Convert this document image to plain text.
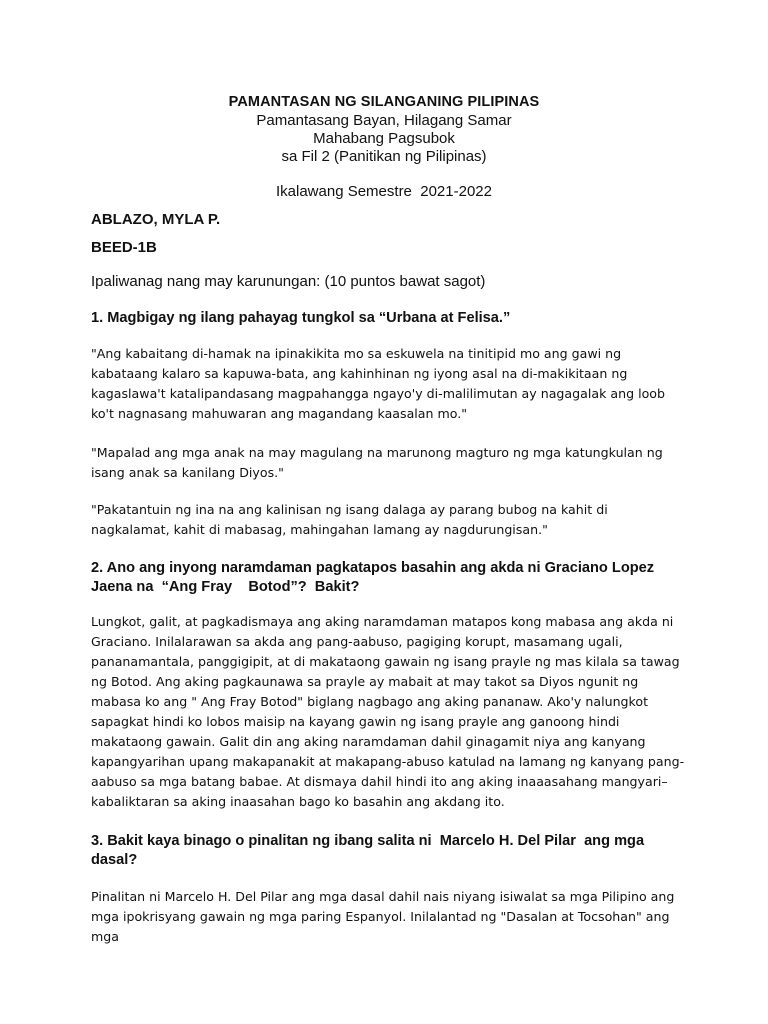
PAMANTASAN NG SILANGANING PILIPINAS
Pamantasang Bayan, Hilagang Samar
Mahabang Pagsubok
sa Fil 2 (Panitikan ng Pilipinas)
Ikalawang Semestre  2021-2022
ABLAZO, MYLA P.
BEED-1B
Ipaliwanag nang may karunungan: (10 puntos bawat sagot)
1. Magbigay ng ilang pahayag tungkol sa “Urbana at Felisa.”
"Ang kabaitang di-hamak na ipinakikita mo sa eskuwela na tinitipid mo ang gawi ng kabataang kalaro sa kapuwa-bata, ang kahinhinan ng iyong asal na di-makikitaan ng kagaslawa't katalipandasang magpahangga ngayo'y di-malilimutan ay nagagalak ang loob ko't nagnasang mahuwaran ang magandang kaasalan mo."
"Mapalad ang mga anak na may magulang na marunong magturo ng mga katungkulan ng isang anak sa kanilang Diyos."
"Pakatantuin ng ina na ang kalinisan ng isang dalaga ay parang bubog na kahit di nagkalamat, kahit di mabasag, mahingahan lamang ay nagdurungisan."
2. Ano ang inyong naramdaman pagkatapos basahin ang akda ni Graciano Lopez Jaena na  “Ang Fray    Botod”?  Bakit?
Lungkot, galit, at pagkadismaya ang aking naramdaman matapos kong mabasa ang akda ni Graciano. Inilalarawan sa akda ang pang-aabuso, pagiging korupt, masamang ugali, pananamantala, panggigipit, at di makataong gawain ng isang prayle ng mas kilala sa tawag ng Botod. Ang aking pagkaunawa sa prayle ay mabait at may takot sa Diyos ngunit ng mabasa ko ang " Ang Fray Botod" biglang nagbago ang aking pananaw. Ako'y nalungkot sapagkat hindi ko lobos maisip na kayang gawin ng isang prayle ang ganoong hindi makataong gawain. Galit din ang aking naramdaman dahil ginagamit niya ang kanyang kapangyarihan upang makapanakit at makapang-abuso katulad na lamang ng kanyang pang-aabuso sa mga batang babae. At dismaya dahil hindi ito ang aking inaaasahang mangyari–kabaliktaran sa aking inaasahan bago ko basahin ang akdang ito.
3. Bakit kaya binago o pinalitan ng ibang salita ni  Marcelo H. Del Pilar  ang mga dasal?
Pinalitan ni Marcelo H. Del Pilar ang mga dasal dahil nais niyang isiwalat sa mga Pilipino ang mga ipokrisyang gawain ng mga paring Espanyol. Inilalantad ng "Dasalan at Tocsohan" ang mga
